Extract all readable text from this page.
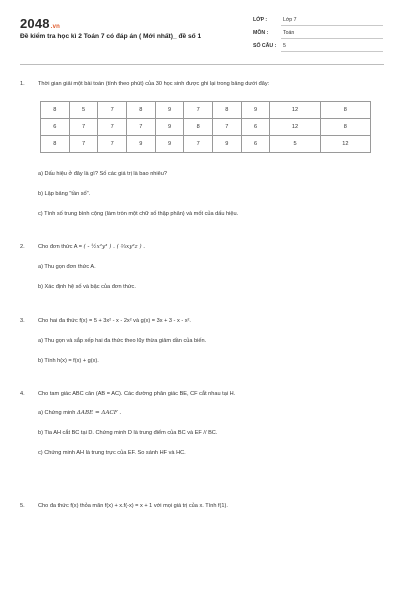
2048.vn
Đề kiểm tra học kì 2 Toán 7 có đáp án ( Mới nhất)_ đề số 1
LỚP :	Lớp 7
MÔN :	Toán
SỐ CÂU : 5
1.	Thời gian giải một bài toán (tính theo phút) của 30 học sinh được ghi lại trong bảng dưới đây:
8	5	7	8	9	7	8	9	12	8
6	7	7	7	9	8	7	6	12	8
8	7	7	9	9	7	9	6	5	12
a) Dấu hiệu ở đây là gì? Số các giá trị là bao nhiêu?
b) Lập bảng "tần số".
c) Tính số trung bình cộng (làm tròn một chữ số thập phân) và mốt của dấu hiệu.
2.	Cho đơn thức A = ( - ½x²y³ ) . ( ⅔xy²z ) .
a) Thu gọn đơn thức A.
b) Xác định hệ số và bậc của đơn thức.
3.	Cho hai đa thức f(x) = 5 + 3x² - x - 2x² và g(x) = 3x + 3 - x - x².
a) Thu gọn và sắp xếp hai đa thức theo lũy thừa giảm dần của biến.
b) Tính h(x) = f(x) + g(x).
4.	Cho tam giác ABC cân (AB = AC). Các đường phân giác BE, CF cắt nhau tại H.
a) Chứng minh ΔABE = ΔACF .
b) Tia AH cắt BC tại D. Chứng minh D là trung điểm của BC và EF // BC.
c) Chứng minh AH là trung trực của EF. So sánh HF và HC.
5.	Cho đa thức f(x) thỏa mãn f(x) + x.f(-x) = x + 1 với mọi giá trị của x. Tính f(1).
